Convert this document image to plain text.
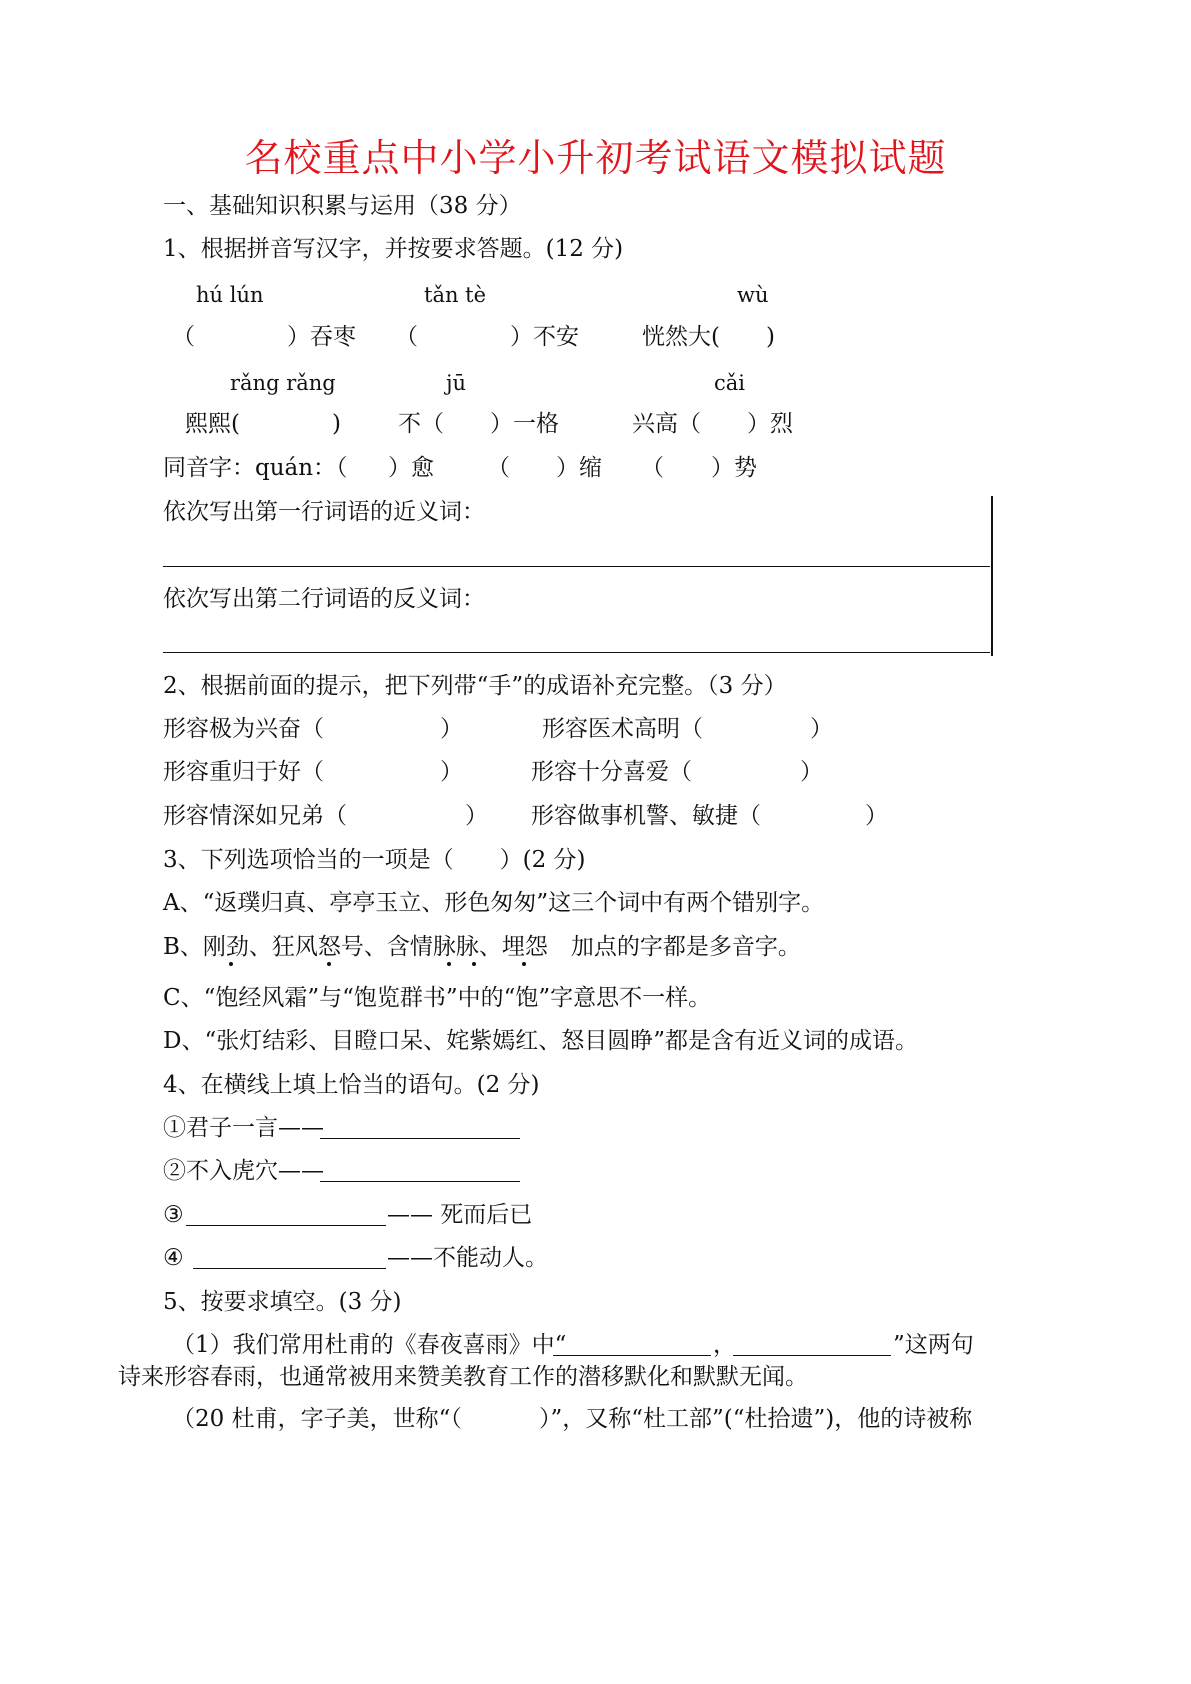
名校重点中小学小升初考试语文模拟试题
一、基础知识积累与运用（38 分）
1、根据拼音写汉字，并按要求答题。(12 分)
hú lún	tǎn tè	wù
（　　　　）吞枣 （　　　　）不安	恍然大(　　)
rǎng rǎng	jū	cǎi
熙熙(　　　　) 不（　　）一格	兴高（　　）烈
同音字：quán：（ ）愈 （ ）缩 （ ）势
依次写出第一行词语的近义词：
依次写出第二行词语的反义词：
2、根据前面的提示，把下列带“手”的成语补充完整。（3 分）
形容极为兴奋（	）	形容医术高明（	）
形容重归于好（	）	形容十分喜爱（	）
形容情深如兄弟（	） 形容做事机警、敏捷（	）
3、下列选项恰当的一项是（　　）(2 分)
A、“返璞归真、亭亭玉立、形色匆匆”这三个词中有两个错别字。
B、刚劲、狂风怒号、含情脉脉、埋怨　加点的字都是多音字。
C、“饱经风霜”与“饱览群书”中的“饱”字意思不一样。
D、“张灯结彩、目瞪口呆、姹紫嫣红、怒目圆睁”都是含有近义词的成语。
4、在横线上填上恰当的语句。(2 分)
①君子一言——
②不入虎穴——
③	—— 死而后已
④	——不能动人。
5、按要求填空。(3 分)
（1）我们常用杜甫的《春夜喜雨》中“	，	”这两句
诗来形容春雨，也通常被用来赞美教育工作的潜移默化和默默无闻。
（20 杜甫，字子美，世称“（	）”，又称“杜工部”(“杜拾遗”)，他的诗被称
